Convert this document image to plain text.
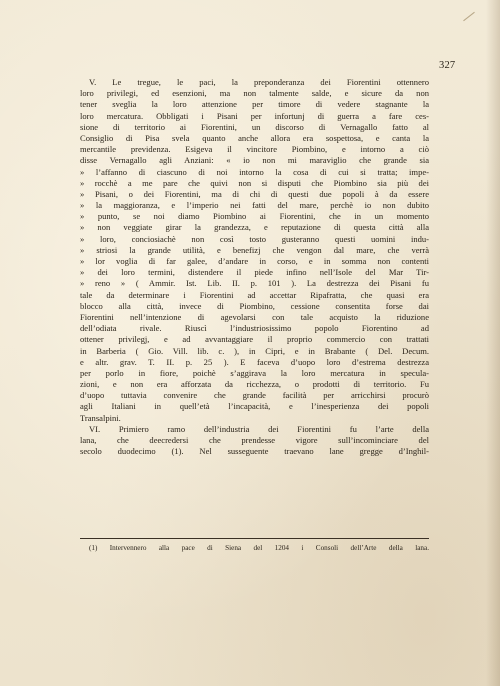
327
V. Le tregue, le paci, la preponderanza dei Fiorentini ottennero
loro privilegi, ed esenzioni, ma non talmente salde, e sicure da non
tener sveglia la loro attenzione per timore di vedere stagnante la
loro mercatura. Obbligati i Pisani per infortunj di guerra a fare ces-
sione di territorio ai Fiorentini, un discorso di Vernagallo fatto al
Consiglio di Pisa svela quanto anche allora era sospettosa, e canta la
mercantile previdenza. Esigeva il vincitore Piombino, e intorno a ciò
disse Vernagallo agli Anziani: « io non mi maraviglio che grande sia
» l’affanno di ciascuno di noi intorno la cosa di cui si tratta; impe-
» rocchè a me pare che quivi non si disputi che Piombino sia più dei
» Pisani, o dei Fiorentini, ma di chi di questi due popoli à da essere
» la maggioranza, e l’imperio nei fatti del mare, perchè io non dubito
» punto, se noi diamo Piombino ai Fiorentini, che in un momento
» non veggiate girar la grandezza, e reputazione di questa città alla
» loro, conciosiachè non così tosto gusteranno questi uomini indu-
» striosi la grande utilità, e benefizj che vengon dal mare, che verrà
» lor voglia di far galee, d’andare in corso, e in somma non contenti
» dei loro termini, distendere il piede infino nell’Isole del Mar Tir-
» reno » ( Ammir. Ist. Lib. II. p. 101 ). La destrezza dei Pisani fu
tale da determinare i Fiorentini ad accettar Ripafratta, che quasi era
blocco alla città, invece di Piombino, cessione consentita forse dai
Fiorentini nell’intenzione di agevolarsi con tale acquisto la riduzione
dell’odiata rivale. Riuscì l’industriosissimo popolo Fiorentino ad
ottener privilegj, e ad avvantaggiare il proprio commercio con trattati
in Barberia ( Gio. Vill. lib. c. ), in Cipri, e in Brabante ( Del. Decum.
e altr. grav. T. II. p. 25 ). E faceva d’uopo loro d’estrema destrezza
per porlo in fiore, poichè s’aggirava la loro mercatura in specula-
zioni, e non era afforzata da ricchezza, o prodotti di territorio. Fu
d’uopo tuttavia convenire che grande facilità per arricchirsi procurò
agli Italiani in quell’età l’incapacità, e l’inesperienza dei popoli
Transalpini.
VI. Primiero ramo dell’industria dei Fiorentini fu l’arte della
lana, che deecredersi che prendesse vigore sull’incominciare del
secolo duodecimo (1). Nel susseguente traevano lane gregge d’Inghil-
(1) Intervennero alla pace di Siena del 1204 i Consoli dell’Arte della lana.
